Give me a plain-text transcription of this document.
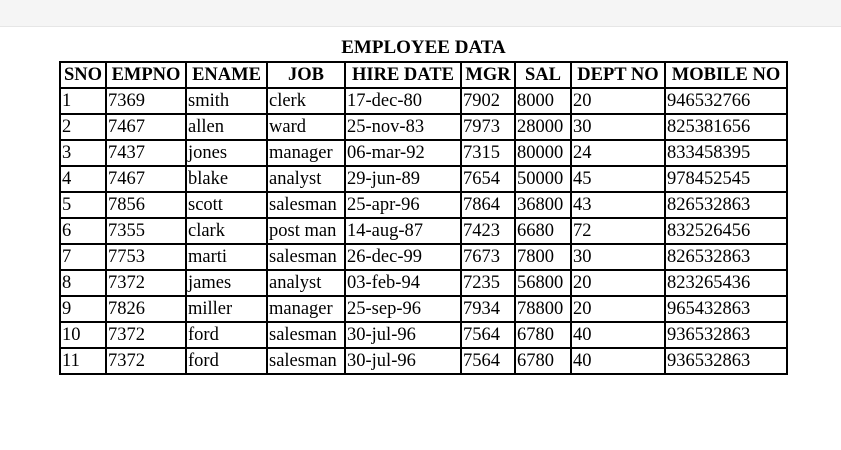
EMPLOYEE DATA
SNO	EMPNO	ENAME	JOB	HIRE DATE	MGR	SAL	DEPT NO	MOBILE NO
1	7369	smith	clerk	17-dec-80	7902	8000	20	946532766
2	7467	allen	ward	25-nov-83	7973	28000	30	825381656
3	7437	jones	manager	06-mar-92	7315	80000	24	833458395
4	7467	blake	analyst	29-jun-89	7654	50000	45	978452545
5	7856	scott	salesman	25-apr-96	7864	36800	43	826532863
6	7355	clark	post man	14-aug-87	7423	6680	72	832526456
7	7753	marti	salesman	26-dec-99	7673	7800	30	826532863
8	7372	james	analyst	03-feb-94	7235	56800	20	823265436
9	7826	miller	manager	25-sep-96	7934	78800	20	965432863
10	7372	ford	salesman	30-jul-96	7564	6780	40	936532863
11	7372	ford	salesman	30-jul-96	7564	6780	40	936532863
